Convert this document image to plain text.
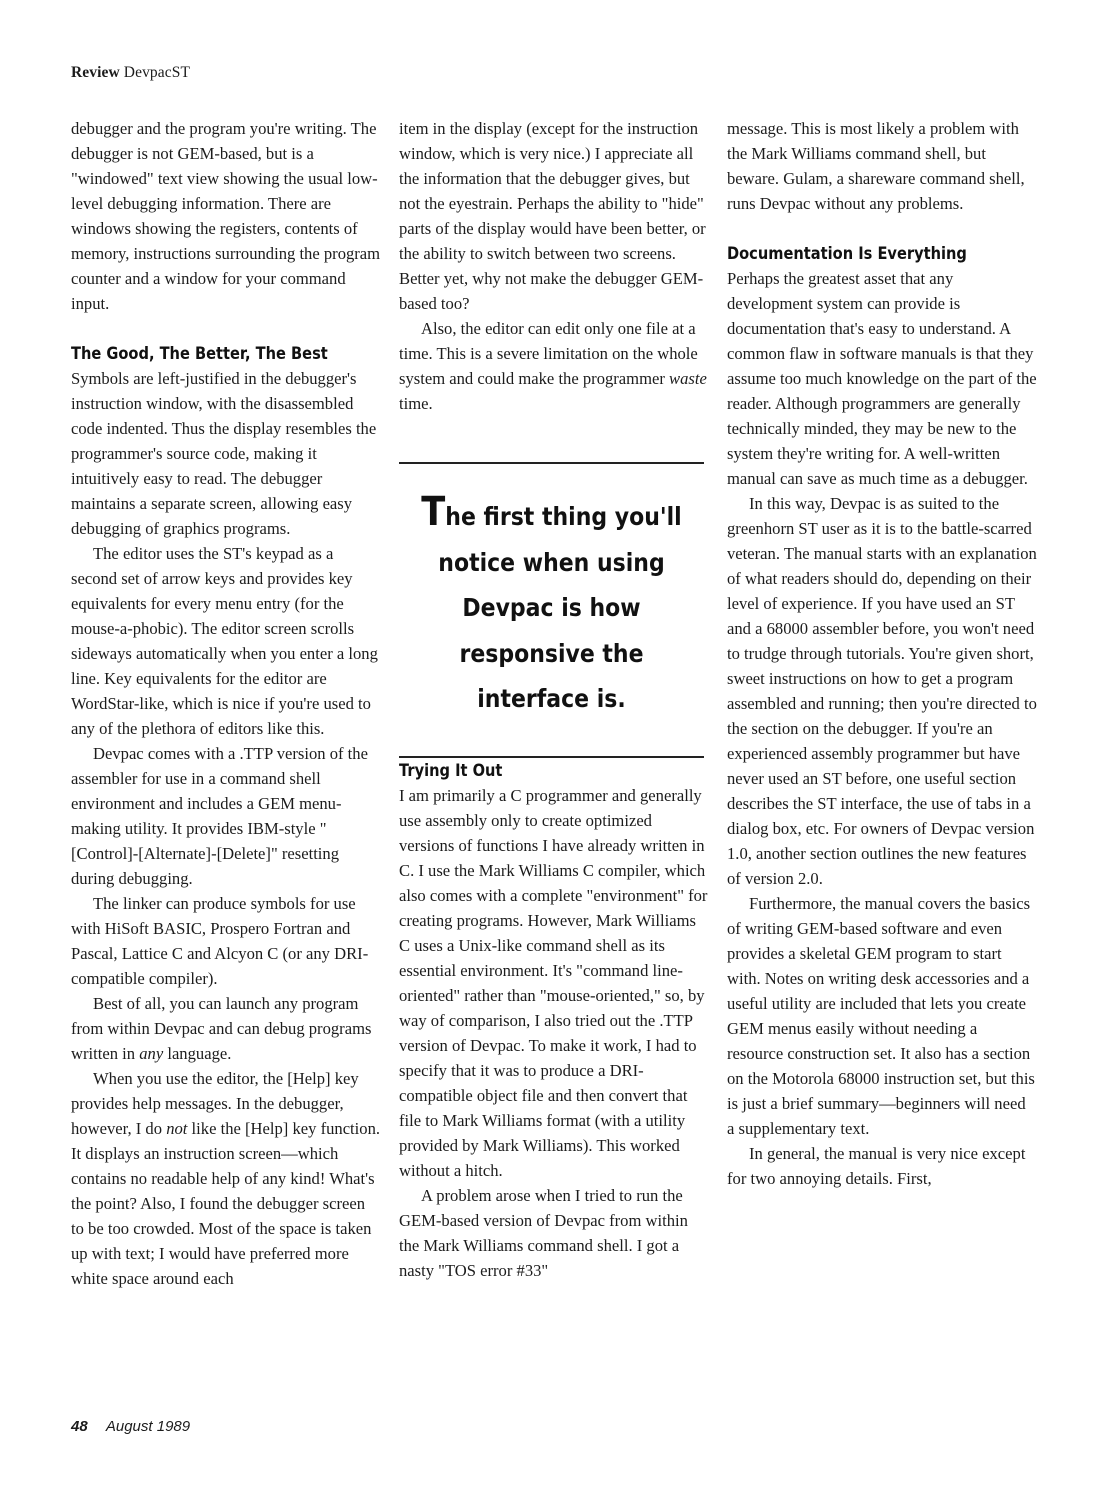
Review DevpacST

debugger and the program you're writing. The debugger is not GEM-based, but is a "windowed" text view showing the usual low-level debugging information. There are windows showing the registers, contents of memory, instructions surrounding the program counter and a window for your command input.

The Good, The Better, The Best

Symbols are left-justified in the debugger's instruction window, with the disassembled code indented. Thus the display resembles the programmer's source code, making it intuitively easy to read. The debugger maintains a separate screen, allowing easy debugging of graphics programs.

The editor uses the ST's keypad as a second set of arrow keys and provides key equivalents for every menu entry (for the mouse-a-phobic). The editor screen scrolls sideways automatically when you enter a long line. Key equivalents for the editor are WordStar-like, which is nice if you're used to any of the plethora of editors like this.

Devpac comes with a .TTP version of the assembler for use in a command shell environment and includes a GEM menu-making utility. It provides IBM-style "[Control]-[Alternate]-[Delete]" resetting during debugging.

The linker can produce symbols for use with HiSoft BASIC, Prospero Fortran and Pascal, Lattice C and Alcyon C (or any DRI-compatible compiler).

Best of all, you can launch any program from within Devpac and can debug programs written in any language.

When you use the editor, the [Help] key provides help messages. In the debugger, however, I do not like the [Help] key function. It displays an instruction screen—which contains no readable help of any kind! What's the point? Also, I found the debugger screen to be too crowded. Most of the space is taken up with text; I would have preferred more white space around each

item in the display (except for the instruction window, which is very nice.) I appreciate all the information that the debugger gives, but not the eyestrain. Perhaps the ability to "hide" parts of the display would have been better, or the ability to switch between two screens. Better yet, why not make the debugger GEM-based too?

Also, the editor can edit only one file at a time. This is a severe limitation on the whole system and could make the programmer waste time.

The first thing you'll notice when using Devpac is how responsive the interface is.
Trying It Out

I am primarily a C programmer and generally use assembly only to create optimized versions of functions I have already written in C. I use the Mark Williams C compiler, which also comes with a complete "environment" for creating programs. However, Mark Williams C uses a Unix-like command shell as its essential environment. It's "command line-oriented" rather than "mouse-oriented," so, by way of comparison, I also tried out the .TTP version of Devpac. To make it work, I had to specify that it was to produce a DRI-compatible object file and then convert that file to Mark Williams format (with a utility provided by Mark Williams). This worked without a hitch.

A problem arose when I tried to run the GEM-based version of Devpac from within the Mark Williams command shell. I got a nasty "TOS error #33"

message. This is most likely a problem with the Mark Williams command shell, but beware. Gulam, a shareware command shell, runs Devpac without any problems.

Documentation Is Everything

Perhaps the greatest asset that any development system can provide is documentation that's easy to understand. A common flaw in software manuals is that they assume too much knowledge on the part of the reader. Although programmers are generally technically minded, they may be new to the system they're writing for. A well-written manual can save as much time as a debugger.

In this way, Devpac is as suited to the greenhorn ST user as it is to the battle-scarred veteran. The manual starts with an explanation of what readers should do, depending on their level of experience. If you have used an ST and a 68000 assembler before, you won't need to trudge through tutorials. You're given short, sweet instructions on how to get a program assembled and running; then you're directed to the section on the debugger. If you're an experienced assembly programmer but have never used an ST before, one useful section describes the ST interface, the use of tabs in a dialog box, etc. For owners of Devpac version 1.0, another section outlines the new features of version 2.0.

Furthermore, the manual covers the basics of writing GEM-based software and even provides a skeletal GEM program to start with. Notes on writing desk accessories and a useful utility are included that lets you create GEM menus easily without needing a resource construction set. It also has a section on the Motorola 68000 instruction set, but this is just a brief summary—beginners will need a supplementary text.

In general, the manual is very nice except for two annoying details. First,

48 August 1989
